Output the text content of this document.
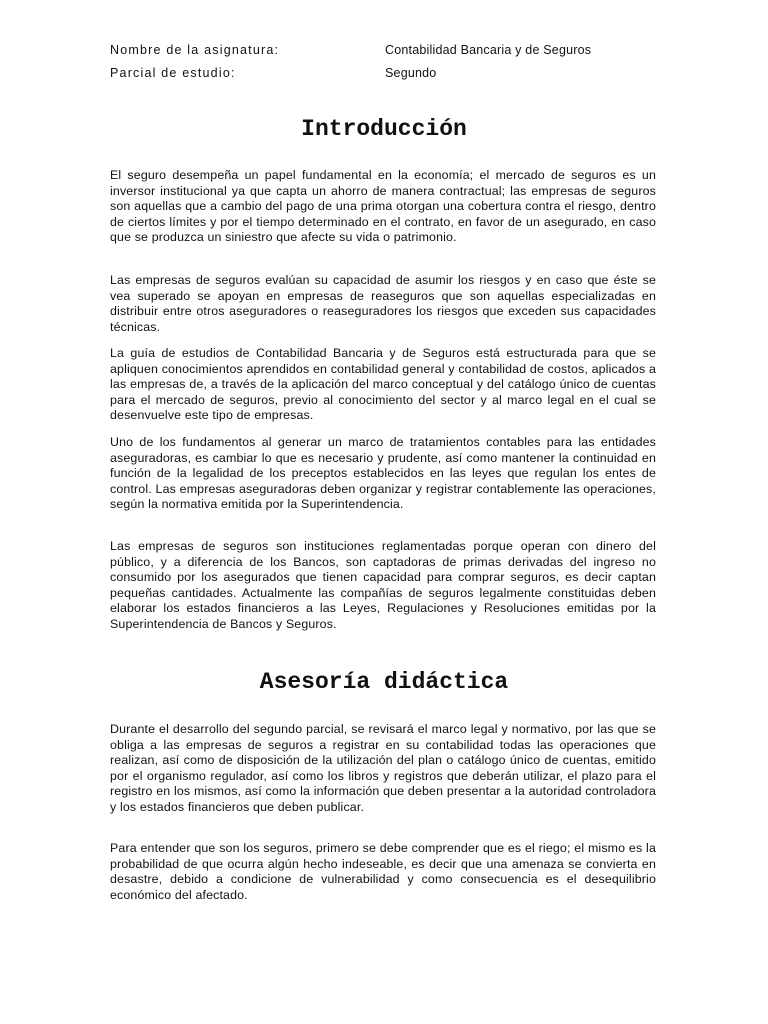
Nombre de la asignatura:	Contabilidad Bancaria y de Seguros
Parcial de estudio:	Segundo
Introducción

El seguro desempeña un papel fundamental en la economía; el mercado de seguros es un inversor institucional ya que capta un ahorro de manera contractual; las empresas de seguros son aquellas que a cambio del pago de una prima otorgan una cobertura contra el riesgo, dentro de ciertos límites y por el tiempo determinado en el contrato, en favor de un asegurado, en caso que se produzca un siniestro que afecte su vida o patrimonio.

Las empresas de seguros evalúan su capacidad de asumir los riesgos y en caso que éste se vea superado se apoyan en empresas de reaseguros que son aquellas especializadas en distribuir entre otros aseguradores o reaseguradores los riesgos que exceden sus capacidades técnicas.

La guía de estudios de Contabilidad Bancaria y de Seguros está estructurada para que se apliquen conocimientos aprendidos en contabilidad general y contabilidad de costos, aplicados a las empresas de, a través de la aplicación del marco conceptual y del catálogo único de cuentas para el mercado de seguros, previo al conocimiento del sector y al marco legal en el cual se desenvuelve este tipo de empresas.

Uno de los fundamentos al generar un marco de tratamientos contables para las entidades aseguradoras, es cambiar lo que es necesario y prudente, así como mantener la continuidad en función de la legalidad de los preceptos establecidos en las leyes que regulan los entes de control. Las empresas aseguradoras deben organizar y registrar contablemente las operaciones, según la normativa emitida por la Superintendencia.

Las empresas de seguros son instituciones reglamentadas porque operan con dinero del público, y a diferencia de los Bancos, son captadoras de primas derivadas del ingreso no consumido por los asegurados que tienen capacidad para comprar seguros, es decir captan pequeñas cantidades. Actualmente las compañías de seguros legalmente constituidas deben elaborar los estados financieros a las Leyes, Regulaciones y Resoluciones emitidas por la Superintendencia de Bancos y Seguros.

Asesoría didáctica

Durante el desarrollo del segundo parcial, se revisará el marco legal y normativo, por las que se obliga a las empresas de seguros a registrar en su contabilidad todas las operaciones que realizan, así como de disposición de la utilización del plan o catálogo único de cuentas, emitido por el organismo regulador, así como los libros y registros que deberán utilizar, el plazo para el registro en los mismos, así como la información que deben presentar a la autoridad controladora y los estados financieros que deben publicar.

Para entender que son los seguros, primero se debe comprender que es el riego; el mismo es la probabilidad de que ocurra algún hecho indeseable, es decir que una amenaza se convierta en desastre, debido a condicione de vulnerabilidad y como consecuencia es el desequilibrio económico del afectado.
